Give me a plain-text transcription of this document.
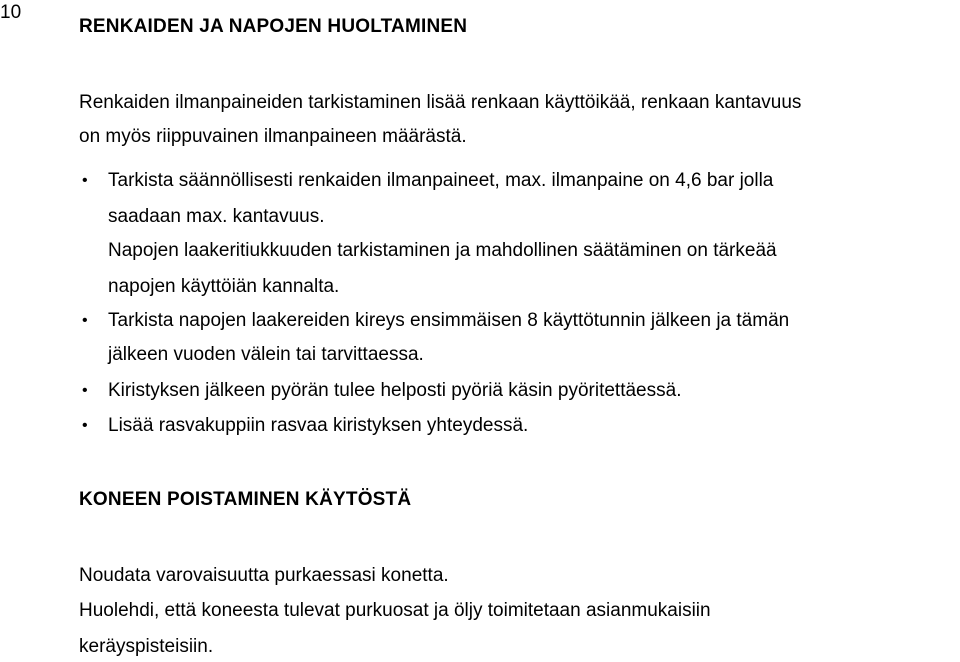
10
RENKAIDEN JA NAPOJEN HUOLTAMINEN
Renkaiden ilmanpaineiden tarkistaminen lisää renkaan käyttöikää, renkaan kantavuus
on myös riippuvainen ilmanpaineen määrästä.
• Tarkista säännöllisesti renkaiden ilmanpaineet, max. ilmanpaine on 4,6 bar jolla
saadaan max. kantavuus.
Napojen laakeritiukkuuden tarkistaminen ja mahdollinen säätäminen on tärkeää
napojen käyttöiän kannalta.
• Tarkista napojen laakereiden kireys ensimmäisen 8 käyttötunnin jälkeen ja tämän
jälkeen vuoden välein tai tarvittaessa.
• Kiristyksen jälkeen pyörän tulee helposti pyöriä käsin pyöritettäessä.
• Lisää rasvakuppiin rasvaa kiristyksen yhteydessä.
KONEEN POISTAMINEN KÄYTÖSTÄ
Noudata varovaisuutta purkaessasi konetta.
Huolehdi, että koneesta tulevat purkuosat ja öljy toimitetaan asianmukaisiin
keräyspisteisiin.
